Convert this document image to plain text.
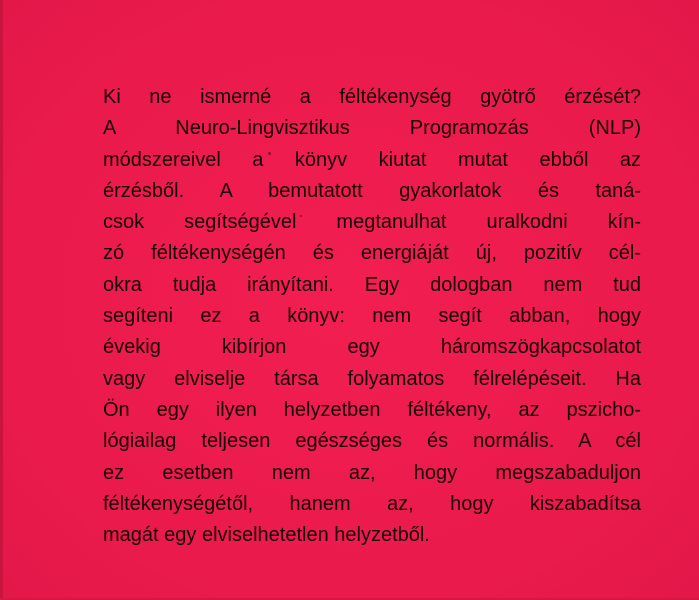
Ki ne ismerné a féltékenység gyötrő érzését?
A Neuro-Lingvisztikus Programozás (NLP)
módszereivel a könyv kiutat mutat ebből az
érzésből. A bemutatott gyakorlatok és taná-
csok segítségével megtanulhat uralkodni kín-
zó féltékenységén és energiáját új, pozitív cél-
okra tudja irányítani. Egy dologban nem tud
segíteni ez a könyv: nem segít abban, hogy
évekig kibírjon egy háromszögkapcsolatot
vagy elviselje társa folyamatos félrelépéseit. Ha
Ön egy ilyen helyzetben féltékeny, az pszicho-
lógiailag teljesen egészséges és normális. A cél
ez esetben nem az, hogy megszabaduljon
féltékenységétől, hanem az, hogy kiszabadítsa
magát egy elviselhetetlen helyzetből.
